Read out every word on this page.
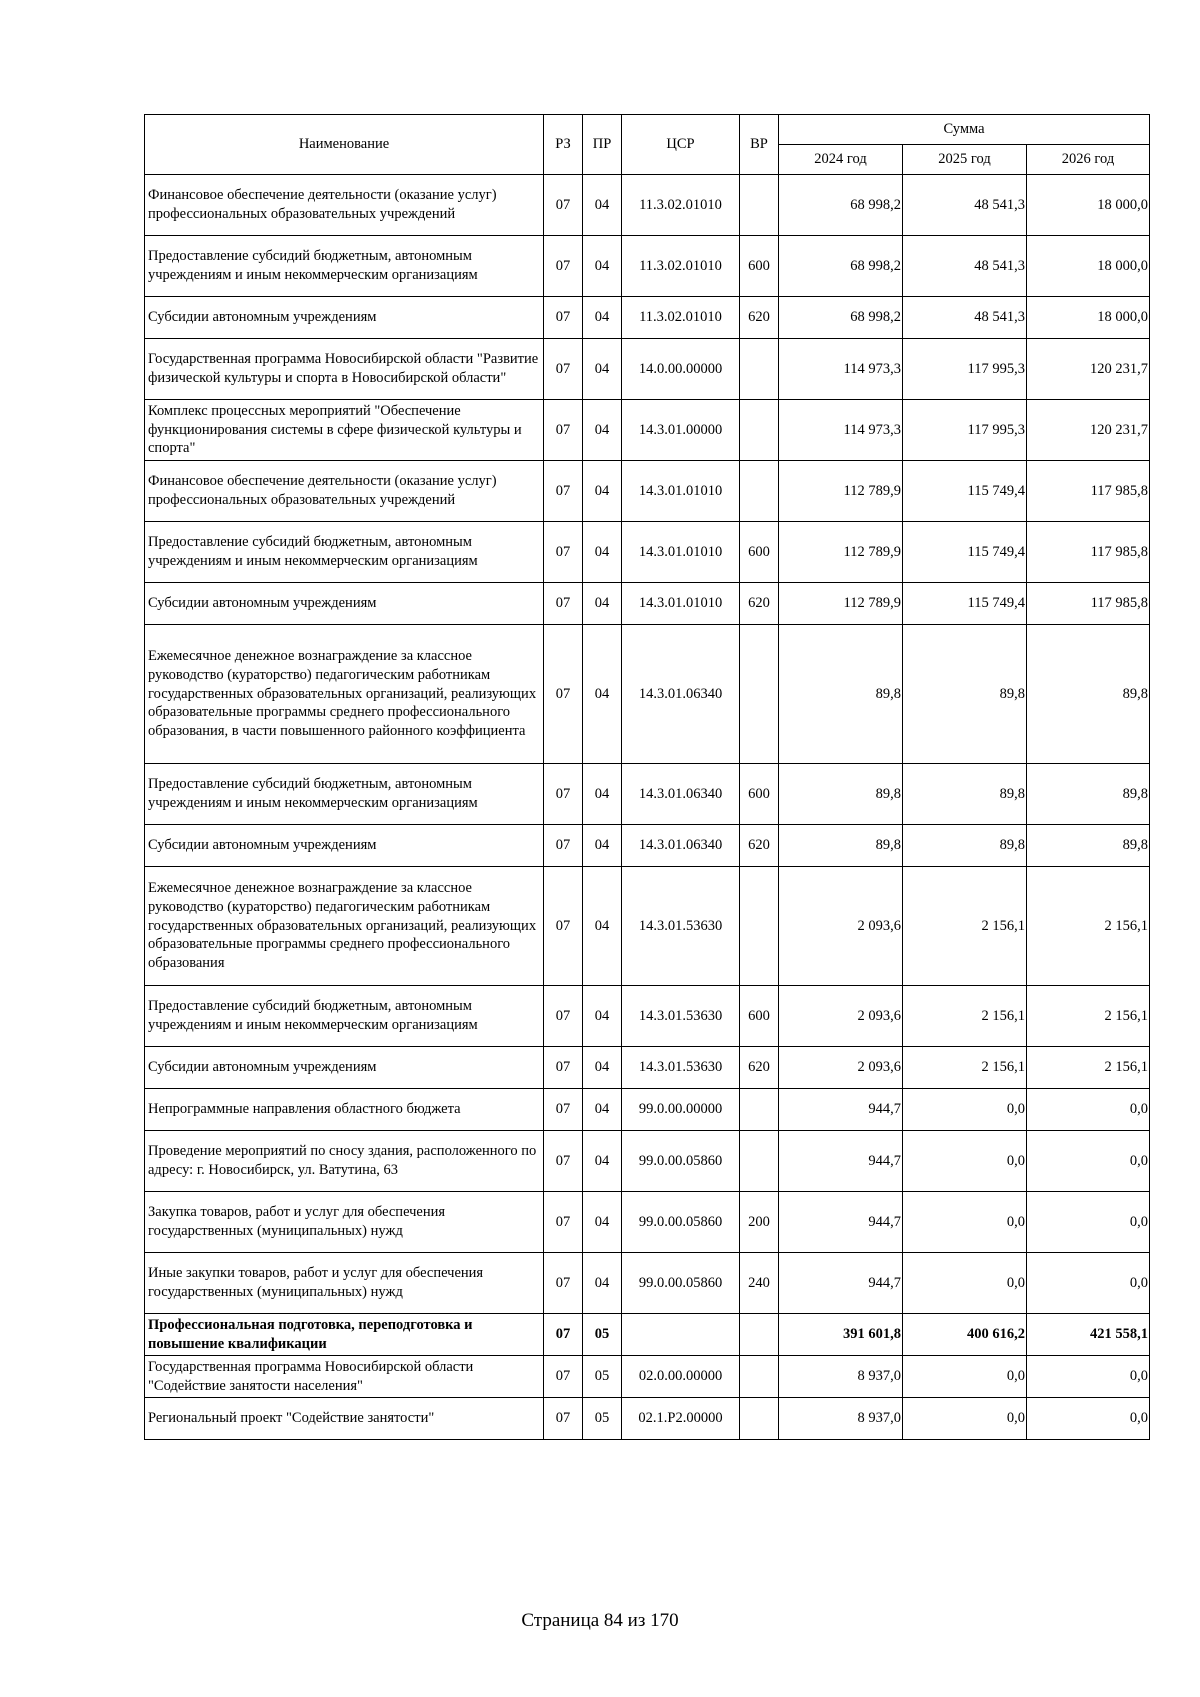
Наименование	РЗ	ПР	ЦСР	ВР	Сумма		
					2024 год	2025 год	2026 год
Финансовое обеспечение деятельности (оказание услуг) профессиональных образовательных учреждений	07	04	11.3.02.01010		68 998,2	48 541,3	18 000,0
Предоставление субсидий бюджетным, автономным учреждениям и иным некоммерческим организациям	07	04	11.3.02.01010	600	68 998,2	48 541,3	18 000,0
Субсидии автономным учреждениям	07	04	11.3.02.01010	620	68 998,2	48 541,3	18 000,0
Государственная программа Новосибирской области "Развитие физической культуры и спорта в Новосибирской области"	07	04	14.0.00.00000		114 973,3	117 995,3	120 231,7
Комплекс процессных мероприятий "Обеспечение функционирования системы в сфере физической культуры и спорта"	07	04	14.3.01.00000		114 973,3	117 995,3	120 231,7
Финансовое обеспечение деятельности (оказание услуг) профессиональных образовательных учреждений	07	04	14.3.01.01010		112 789,9	115 749,4	117 985,8
Предоставление субсидий бюджетным, автономным учреждениям и иным некоммерческим организациям	07	04	14.3.01.01010	600	112 789,9	115 749,4	117 985,8
Субсидии автономным учреждениям	07	04	14.3.01.01010	620	112 789,9	115 749,4	117 985,8
Ежемесячное денежное вознаграждение за классное руководство (кураторство) педагогическим работникам государственных образовательных организаций, реализующих образовательные программы среднего профессионального образования, в части повышенного районного коэффициента	07	04	14.3.01.06340		89,8	89,8	89,8
Предоставление субсидий бюджетным, автономным учреждениям и иным некоммерческим организациям	07	04	14.3.01.06340	600	89,8	89,8	89,8
Субсидии автономным учреждениям	07	04	14.3.01.06340	620	89,8	89,8	89,8
Ежемесячное денежное вознаграждение за классное руководство (кураторство) педагогическим работникам государственных образовательных организаций, реализующих образовательные программы среднего профессионального образования	07	04	14.3.01.53630		2 093,6	2 156,1	2 156,1
Предоставление субсидий бюджетным, автономным учреждениям и иным некоммерческим организациям	07	04	14.3.01.53630	600	2 093,6	2 156,1	2 156,1
Субсидии автономным учреждениям	07	04	14.3.01.53630	620	2 093,6	2 156,1	2 156,1
Непрограммные направления областного бюджета	07	04	99.0.00.00000		944,7	0,0	0,0
Проведение мероприятий по сносу здания, расположенного по адресу: г. Новосибирск, ул. Ватутина, 63	07	04	99.0.00.05860		944,7	0,0	0,0
Закупка товаров, работ и услуг для обеспечения государственных (муниципальных) нужд	07	04	99.0.00.05860	200	944,7	0,0	0,0
Иные закупки товаров, работ и услуг для обеспечения государственных (муниципальных) нужд	07	04	99.0.00.05860	240	944,7	0,0	0,0
Профессиональная подготовка, переподготовка и повышение квалификации	07	05			391 601,8	400 616,2	421 558,1
Государственная программа Новосибирской области "Содействие занятости населения"	07	05	02.0.00.00000		8 937,0	0,0	0,0
Региональный проект "Содействие занятости"	07	05	02.1.P2.00000		8 937,0	0,0	0,0
Страница 84 из 170
